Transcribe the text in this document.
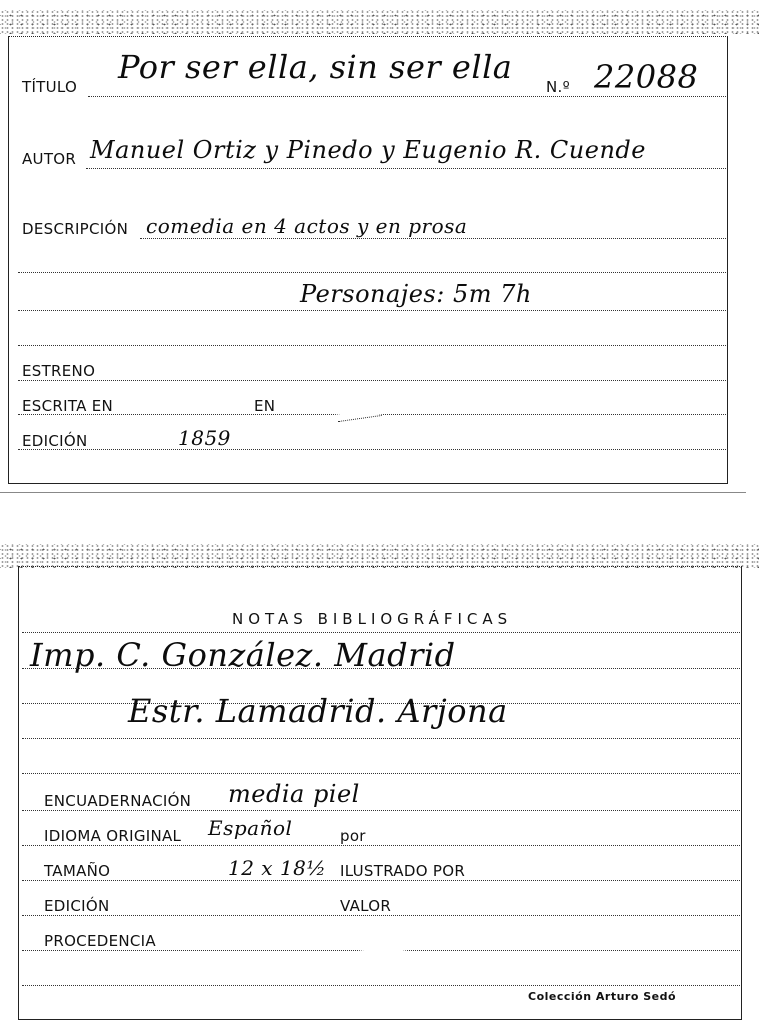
TÍTULO
Por ser ella, sin ser ella
N.º 22088
AUTOR Manuel Ortiz y Pinedo y Eugenio R. Cuende
DESCRIPCIÓN comedia en 4 actos y en prosa
Personajes: 5m 7h
ESTRENO
ESCRITA EN	EN
EDICIÓN	1859
NOTAS BIBLIOGRÁFICAS
Imp. C. González. Madrid
Estr. Lamadrid. Arjona
ENCUADERNACIÓN media piel
IDIOMA ORIGINAL Español	por
TAMAÑO	12 x 18½ ILUSTRADO POR
EDICIÓN	VALOR
PROCEDENCIA
Colección Arturo Sedó
